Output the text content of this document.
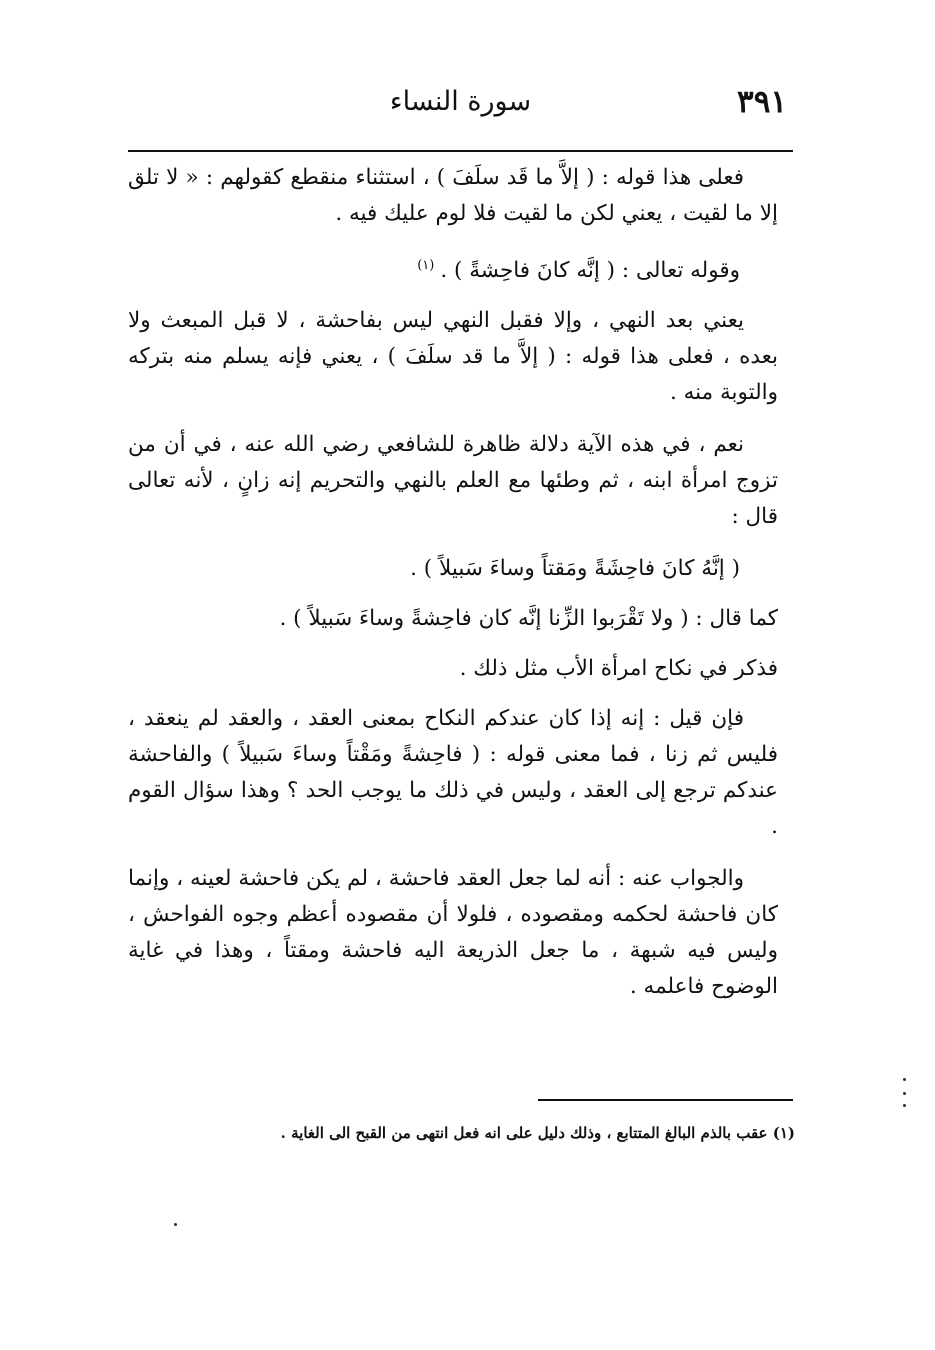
٣٩١
سورة النساء

فعلى هذا قوله : ( إلاَّ ما قَد سلَفَ ) ، استثناء منقطع كقولهم : « لا تلق إلا ما لقيت ، يعني لكن ما لقيت فلا لوم عليك فيه .

وقوله تعالى : ( إنَّه كانَ فاحِشةً ) .$^{(١)}$

يعني بعد النهي ، وإلا فقبل النهي ليس بفاحشة ، لا قبل المبعث ولا بعده ، فعلى هذا قوله : ( إلاَّ ما قد سلَفَ ) ، يعني فإنه يسلم منه بتركه والتوبة منه .

نعم ، في هذه الآية دلالة ظاهرة للشافعي رضي الله عنه ، في أن من تزوج امرأة ابنه ، ثم وطئها مع العلم بالنهي والتحريم إنه زانٍ ، لأنه تعالى قال :

( إنَّهُ كانَ فاحِشَةً ومَقتاً وساءَ سَبيلاً ) .

كما قال : ( ولا تَقْرَبوا الزِّنا إنَّه كان فاحِشةً وساءَ سَبيلاً ) .

فذكر في نكاح امرأة الأب مثل ذلك .

فإن قيل : إنه إذا كان عندكم النكاح بمعنى العقد ، والعقد لم ينعقد ، فليس ثم زنا ، فما معنى قوله : ( فاحِشةً ومَقْتاً وساءَ سَبيلاً ) والفاحشة عندكم ترجع إلى العقد ، وليس في ذلك ما يوجب الحد ؟ وهذا سؤال القوم .

والجواب عنه : أنه لما جعل العقد فاحشة ، لم يكن فاحشة لعينه ، وإنما كان فاحشة لحكمه ومقصوده ، فلولا أن مقصوده أعظم وجوه الفواحش ، وليس فيه شبهة ، ما جعل الذريعة اليه فاحشة ومقتاً ، وهذا في غاية الوضوح فاعلمه .

(١) عقب بالذم البالغ المتتابع ، وذلك دليل على انه فعل انتهى من القبح الى الغاية .
